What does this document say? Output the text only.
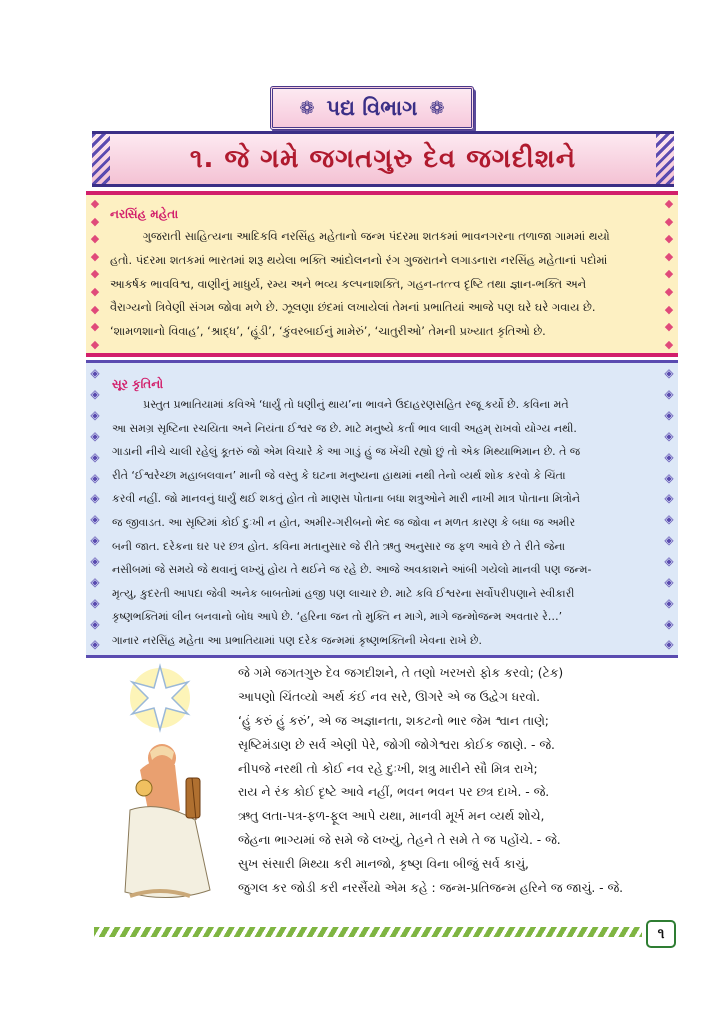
❁ પદ્ય વિભાગ ❁
૧. જે ગમે જગતગુરુ દેવ જગદીશને
◆
◆
◆
◆
◆
◆
◆
◆
◆
◆
◆
◆
◆
◆
◆
◆
◆
◆
નરસિંહ મહેતા
ગુજરાતી સાહિત્યના આદિકવિ નરસિંહ મહેતાનો જન્મ પંદરમા શતકમાં ભાવનગરના તળાજા ગામમાં થયો
હતો. પંદરમા શતકમાં ભારતમાં શરૂ થયેલા ભક્તિ આંદોલનનો રંગ ગુજરાતને લગાડનારા નરસિંહ મહેતાનાં પદોમાં
આકર્ષક ભાવવિશ્વ, વાણીનું માધુર્ય, રમ્ય અને ભવ્ય કલ્પનાશક્તિ, ગહન-તત્ત્વ દૃષ્ટિ તથા જ્ઞાન-ભક્તિ અને
વૈરાગ્યનો ત્રિવેણી સંગમ જોવા મળે છે. ઝૂલણા છંદમાં લખાયેલાં તેમનાં પ્રભાતિયાં આજે પણ ઘરે ઘરે ગવાય છે.
‘શામળશાનો વિવાહ’, ‘શ્રાદ્ધ’, ‘હૂંડી’, ‘કુંવરબાઈનું મામેરું’, ‘ચાતુરીઓ’ તેમની પ્રખ્યાત કૃતિઓ છે.
◈
◈
◈
◈
◈
◈
◈
◈
◈
◈
◈
◈
◈
◈
◈
◈
◈
◈
◈
◈
◈
◈
◈
◈
◈
◈
◈
◈
સૂર કૃતિનો
પ્રસ્તુત પ્રભાતિયામાં કવિએ ‘ધાર્યું તો ધણીનું થાય’ના ભાવને ઉદાહરણસહિત રજૂ કર્યો છે. કવિના મતે
આ સમગ્ર સૃષ્ટિના રચયિતા અને નિયંતા ઈશ્વર જ છે. માટે મનુષ્યે કર્તા ભાવ લાવી અહમ્ રાખવો યોગ્ય નથી.
ગાડાની નીચે ચાલી રહેલું કૂતરું જો એમ વિચારે કે આ ગાડું હું જ ખેંચી રહ્યો છું તો એક મિથ્યાભિમાન છે. તે જ
રીતે ‘ઈશ્વરેચ્છા મહાબલવાન’ માની જે વસ્તુ કે ઘટના મનુષ્યના હાથમાં નથી તેનો વ્યર્થ શોક કરવો કે ચિંતા
કરવી નહીં. જો માનવનું ધાર્યું થઈ શકતું હોત તો માણસ પોતાના બધા શત્રુઓને મારી નાખી માત્ર પોતાના મિત્રોને
જ જીવાડત. આ સૃષ્ટિમાં કોઈ દુઃખી ન હોત, અમીર-ગરીબનો ભેદ જ જોવા ન મળત કારણ કે બધા જ અમીર
બની જાત. દરેકના ઘર પર છત્ર હોત. કવિના મતાનુસાર જે રીતે ઋતુ અનુસાર જ ફળ આવે છે તે રીતે જેના
નસીબમાં જે સમયે જે થવાનું લખ્યું હોય તે થઈને જ રહે છે. આજે અવકાશને આંબી ગયેલો માનવી પણ જન્મ-
મૃત્યુ, કુદરતી આપદા જેવી અનેક બાબતોમાં હજી પણ લાચાર છે. માટે કવિ ઈશ્વરના સર્વોપરીપણાને સ્વીકારી
કૃષ્ણભક્તિમાં લીન બનવાનો બોધ આપે છે. ‘હરિના જન તો મુક્તિ ન માગે, માગે જન્મોજન્મ અવતાર રે…’
ગાનાર નરસિંહ મહેતા આ પ્રભાતિયામાં પણ દરેક જન્મમાં કૃષ્ણભક્તિની ખેવના રાખે છે.
જે ગમે જગતગુરુ દેવ જગદીશને, તે તણો ખરખરો ફોક કરવો; (ટેક)
આપણો ચિંતવ્યો અર્થ કંઈ નવ સરે, ઊગરે એ જ ઉદ્વેગ ધરવો.
‘હું કરું હું કરું’, એ જ અજ્ઞાનતા, શકટનો ભાર જેમ શ્વાન તાણે;
સૃષ્ટિમંડાણ છે સર્વ એણી પેરે, જોગી જોગેશ્વરા કોઈક જાણે. - જે.
નીપજે નરથી તો કોઈ નવ રહે દુઃખી, શત્રુ મારીને સૌ મિત્ર રાખે;
રાય ને રંક કોઈ દૃષ્ટે આવે નહીં, ભવન ભવન પર છત્ર દાખે. - જે.
ઋતુ લતા-પત્ર-ફળ-ફૂલ આપે યથા, માનવી મૂર્ખ મન વ્યર્થ શોચે,
જેહના ભાગ્યમાં જે સમે જે લખ્યું, તેહને તે સમે તે જ પહોંચે. - જે.
સુખ સંસારી મિથ્યા કરી માનજો, કૃષ્ણ વિના બીજું સર્વ કાચું,
જુગલ કર જોડી કરી નરસૈંયો એમ કહે : જન્મ-પ્રતિજન્મ હરિને જ જાચું. - જે.
૧
